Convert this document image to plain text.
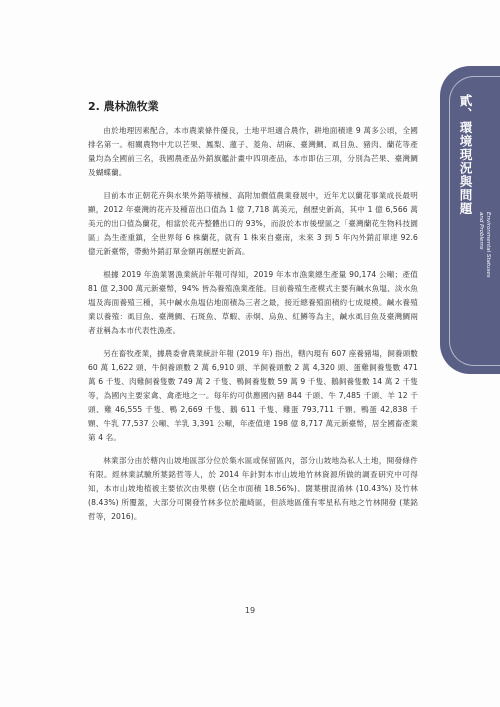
貳、環境現況與問題
Environmental Statuses
and Problems
2. 農林漁牧業

由於地理因素配合，本市農業條件優良，土地平坦適合農作，耕地面積達 9 萬多公頃，全國排名第一。相關農物中尤以芒果、鳳梨、蓮子、菱角、胡麻、臺灣鯛、虱目魚、豬肉、蘭花等產量均為全國前三名，我國農產品外銷旗艦計畫中四項產品，本市即佔三項，分別為芒果、臺灣鯛及蝴蝶蘭。

目前本市正朝花卉與水果外銷等積極、高附加價值農業發展中，近年尤以蘭花事業成長最明顯，2012 年臺灣的花卉及種苗出口值為 1 億 7,718 萬美元，創歷史新高，其中 1 億 6,566 萬美元的出口值為蘭花，相當於花卉整體出口的 93%，而設於本市後壁區之「臺灣蘭花生物科技園區」為生產重鎮，全世界每 6 株蘭花，就有 1 株來自臺南，未來 3 到 5 年內外銷訂單達 92.6 億元新臺幣，帶動外銷訂單金額再創歷史新高。

根據 2019 年漁業署漁業統計年報可得知，2019 年本市漁業總生產量 90,174 公噸；產值 81 億 2,300 萬元新臺幣，94% 皆為養殖漁業產能。目前養殖生產模式主要有鹹水魚塭、淡水魚塭及海面養殖三種，其中鹹水魚塭佔地面積為三者之最，接近總養殖面積約七成規模。鹹水養殖業以養殖：虱目魚、臺灣鯛、石斑魚、草蝦、赤烔、烏魚、紅鱒等為主，鹹水虱目魚及臺灣鯛兩者並稱為本市代表性漁產。

另在畜牧產業，據農委會農業統計年報 (2019 年) 指出，轄內現有 607 座養豬場，飼養頭數 60 萬 1,622 頭、牛飼養頭數 2 萬 6,910 頭、羊飼養頭數 2 萬 4,320 頭、蛋雞飼養隻數 471 萬 6 千隻、肉雞飼養隻數 749 萬 2 千隻、鴨飼養隻數 59 萬 9 千隻、鵝飼養隻數 14 萬 2 千隻等，為國內主要家禽、禽產地之一。每年約可供應國內豬 844 千頭、牛 7,485 千頭、羊 12 千頭、雞 46,555 千隻、鴨 2,669 千隻、鵝 611 千隻、雞蛋 793,711 千顆、鴨蛋 42,838 千顆、牛乳 77,537 公噸、羊乳 3,391 公噸，年產值達 198 億 8,717 萬元新臺幣，居全國畜產業第 4 名。

林業部分由於轄內山坡地區部分位於集水區或保留區內，部分山坡地為私人土地，開發條件有限。經林業試驗所葉銘哲等人，於 2014 年針對本市山坡地竹林資源所做的調查研究中可得知，本市山坡地植被主要依次由果樹 (佔全市面積 18.56%)、闊葉樹混淆林 (10.43%) 及竹林 (8.43%) 所覆蓋，大部分可開發竹林多位於龍崎區，但該地區僅有零星私有地之竹林開發 (葉銘哲等，2016)。

19
